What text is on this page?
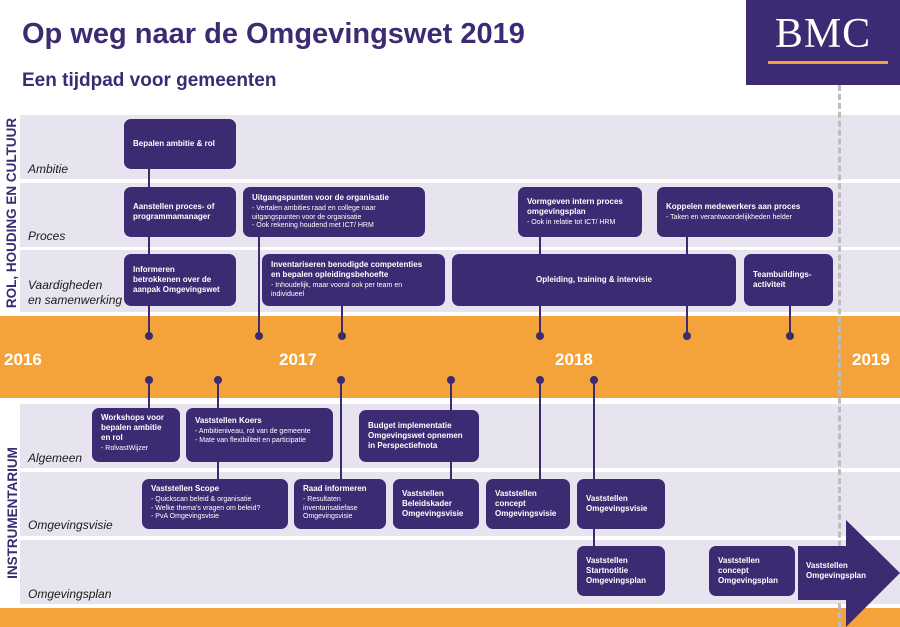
Op weg naar de Omgevingswet 2019
Een tijdpad voor gemeenten
BMC
ROL, HOUDING EN CULTUUR Ambitie
Proces
Vaardigheden
en samenwerking
2016	2017	2018	2019
INSTRUMENTARIUM Algemeen
Omgevingsvisie
Omgevingsplan
Bepalen ambitie & rol
Aanstellen proces- of
programmamanager
Uitgangspunten voor de organisatie
- Vertalen ambities raad en college naar
uitgangspunten voor de organisatie
- Ook rekening houdend met ICT/ HRM
Vormgeven intern proces
omgevingsplan
- Ook in relatie tot ICT/ HRM
Koppelen medewerkers aan proces
- Taken en verantwoordelijkheden helder
Informeren
betrokkenen over de
aanpak Omgevingswet
Inventariseren benodigde competenties
en bepalen opleidingsbehoefte
- Inhoudelijk, maar vooral ook per team en
individueel
Opleiding, training & intervisie
Teambuildings-
activiteit
Workshops voor
bepalen ambitie
en rol
- RolvastWijzer
Vaststellen Koers
- Ambitieniveau, rol van de gemeente
- Mate van flexibiliteit en participatie
Budget implementatie
Omgevingswet opnemen
in Perspectiefnota
Vaststellen Scope
- Quickscan beleid & organisatie
- Welke thema's vragen om beleid?
- PvA Omgevingsvisie
Raad informeren
- Resultaten
inventarisatiefase
Omgevingsvisie
Vaststellen
Beleidskader
Omgevingsvisie
Vaststellen
concept
Omgevingsvisie
Vaststellen
Omgevingsvisie
Vaststellen
Startnotitie
Omgevingsplan
Vaststellen
concept
Omgevingsplan
Vaststellen
Omgevingsplan
